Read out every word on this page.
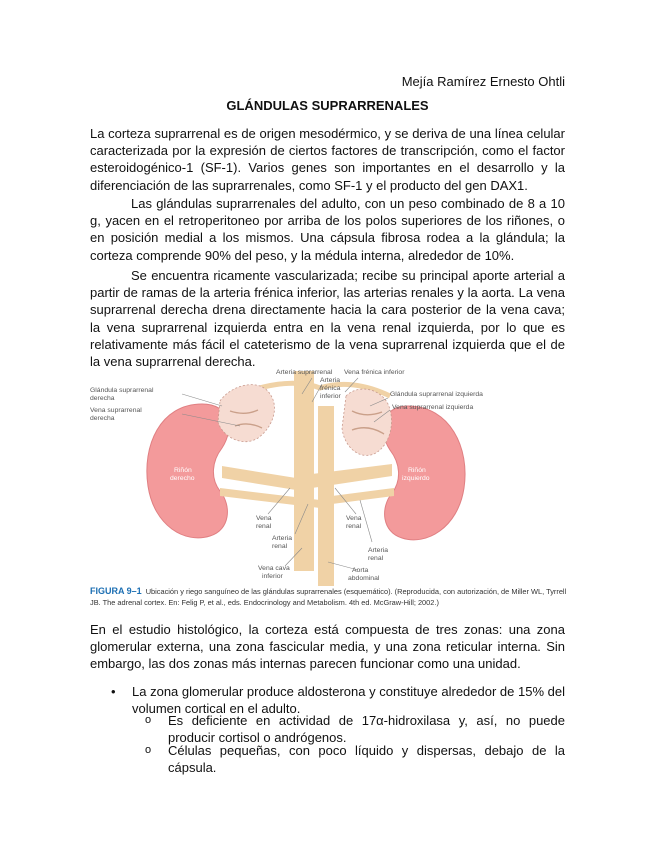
Mejía Ramírez Ernesto Ohtli
GLÁNDULAS SUPRARRENALES

La corteza suprarrenal es de origen mesodérmico, y se deriva de una línea celular caracterizada por la expresión de ciertos factores de transcripción, como el factor esteroidogénico-1 (SF-1). Varios genes son importantes en el desarrollo y la diferenciación de las suprarrenales, como SF-1 y el producto del gen DAX1.

Las glándulas suprarrenales del adulto, con un peso combinado de 8 a 10 g, yacen en el retroperitoneo por arriba de los polos superiores de los riñones, o en posición medial a los mismos. Una cápsula fibrosa rodea a la glándula; la corteza comprende 90% del peso, y la médula interna, alrededor de 10%.

Se encuentra ricamente vascularizada; recibe su principal aporte arterial a partir de ramas de la arteria frénica inferior, las arterias renales y la aorta. La vena suprarrenal derecha drena directamente hacia la cara posterior de la vena cava; la vena suprarrenal izquierda entra en la vena renal izquierda, por lo que es relativamente más fácil el cateterismo de la vena suprarrenal izquierda que el de la vena suprarrenal derecha.

Arteria suprarrenal Vena frénica inferior
Arteria
frénica
inferior
Glándula suprarrenal
derecha
Vena suprarrenal
derecha
Glándula suprarrenal izquierda
Vena suprarrenal izquierda
Vena
renal
Vena
renal
Arteria
renal
Arteria
renal
Vena cava
inferior
Aorta
abdominal
Riñón
derecho
Riñón
izquierdo
FIGURA 9–1 Ubicación y riego sanguíneo de las glándulas suprarrenales (esquemático). (Reproducida, con autorización, de Miller WL, Tyrrell JB. The adrenal cortex. En: Felig P, et al., eds. Endocrinology and Metabolism. 4th ed. McGraw-Hill; 2002.)

En el estudio histológico, la corteza está compuesta de tres zonas: una zona glomerular externa, una zona fascicular media, y una zona reticular interna. Sin embargo, las dos zonas más internas parecen funcionar como una unidad.

• La zona glomerular produce aldosterona y constituye alrededor de 15% del volumen cortical en el adulto.
o Es deficiente en actividad de 17α-hidroxilasa y, así, no puede producir cortisol o andrógenos.
o Células pequeñas, con poco líquido y dispersas, debajo de la cápsula.
